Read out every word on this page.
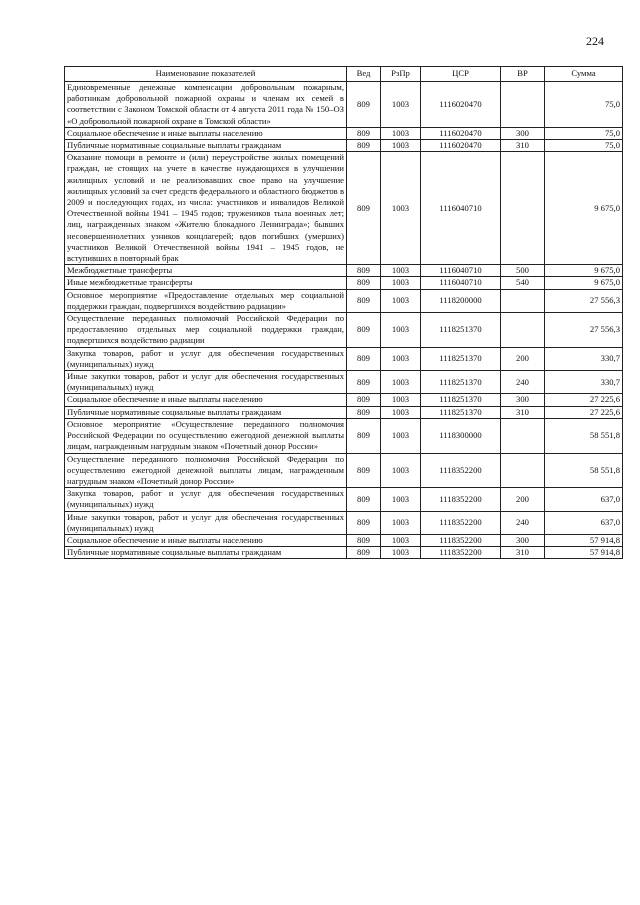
224
Наименование показателей	Вед	РзПр	ЦСР	ВР	Сумма
Единовременные денежные компенсации добровольным пожарным, работникам добровольной пожарной охраны и членам их семей в соответствии с Законом Томской области от 4 августа 2011 года № 150–ОЗ «О добровольной пожарной охране в Томской области»	809	1003	1116020470		75,0
Социальное обеспечение и иные выплаты населению	809	1003	1116020470	300	75,0
Публичные нормативные социальные выплаты гражданам	809	1003	1116020470	310	75,0
Оказание помощи в ремонте и (или) переустройстве жилых помещений граждан, не стоящих на учете в качестве нуждающихся в улучшении жилищных условий и не реализовавших свое право на улучшение жилищных условий за счет средств федерального и областного бюджетов в 2009 и последующих годах, из числа: участников и инвалидов Великой Отечественной войны 1941 – 1945 годов; тружеников тыла военных лет; лиц, награжденных знаком «Жителю блокадного Ленинграда»; бывших несовершеннолетних узников концлагерей; вдов погибших (умерших) участников Великой Отечественной войны 1941 – 1945 годов, не вступивших в повторный брак	809	1003	1116040710		9 675,0
Межбюджетные трансферты	809	1003	1116040710	500	9 675,0
Иные межбюджетные трансферты	809	1003	1116040710	540	9 675,0
Основное мероприятие «Предоставление отдельных мер социальной поддержки граждан, подвергшихся воздействию радиации»	809	1003	1118200000		27 556,3
Осуществление переданных полномочий Российской Федерации по предоставлению отдельных мер социальной поддержки граждан, подвергшихся воздействию радиации	809	1003	1118251370		27 556,3
Закупка товаров, работ и услуг для обеспечения государственных (муниципальных) нужд	809	1003	1118251370	200	330,7
Иные закупки товаров, работ и услуг для обеспечения государственных (муниципальных) нужд	809	1003	1118251370	240	330,7
Социальное обеспечение и иные выплаты населению	809	1003	1118251370	300	27 225,6
Публичные нормативные социальные выплаты гражданам	809	1003	1118251370	310	27 225,6
Основное мероприятие «Осуществление переданного полномочия Российской Федерации по осуществлению ежегодной денежной выплаты лицам, награжденным нагрудным знаком «Почетный донор России»	809	1003	1118300000		58 551,8
Осуществление переданного полномочия Российской Федерации по осуществлению ежегодной денежной выплаты лицам, награжденным нагрудным знаком «Почетный донор России»	809	1003	1118352200		58 551,8
Закупка товаров, работ и услуг для обеспечения государственных (муниципальных) нужд	809	1003	1118352200	200	637,0
Иные закупки товаров, работ и услуг для обеспечения государственных (муниципальных) нужд	809	1003	1118352200	240	637,0
Социальное обеспечение и иные выплаты населению	809	1003	1118352200	300	57 914,8
Публичные нормативные социальные выплаты гражданам	809	1003	1118352200	310	57 914,8
